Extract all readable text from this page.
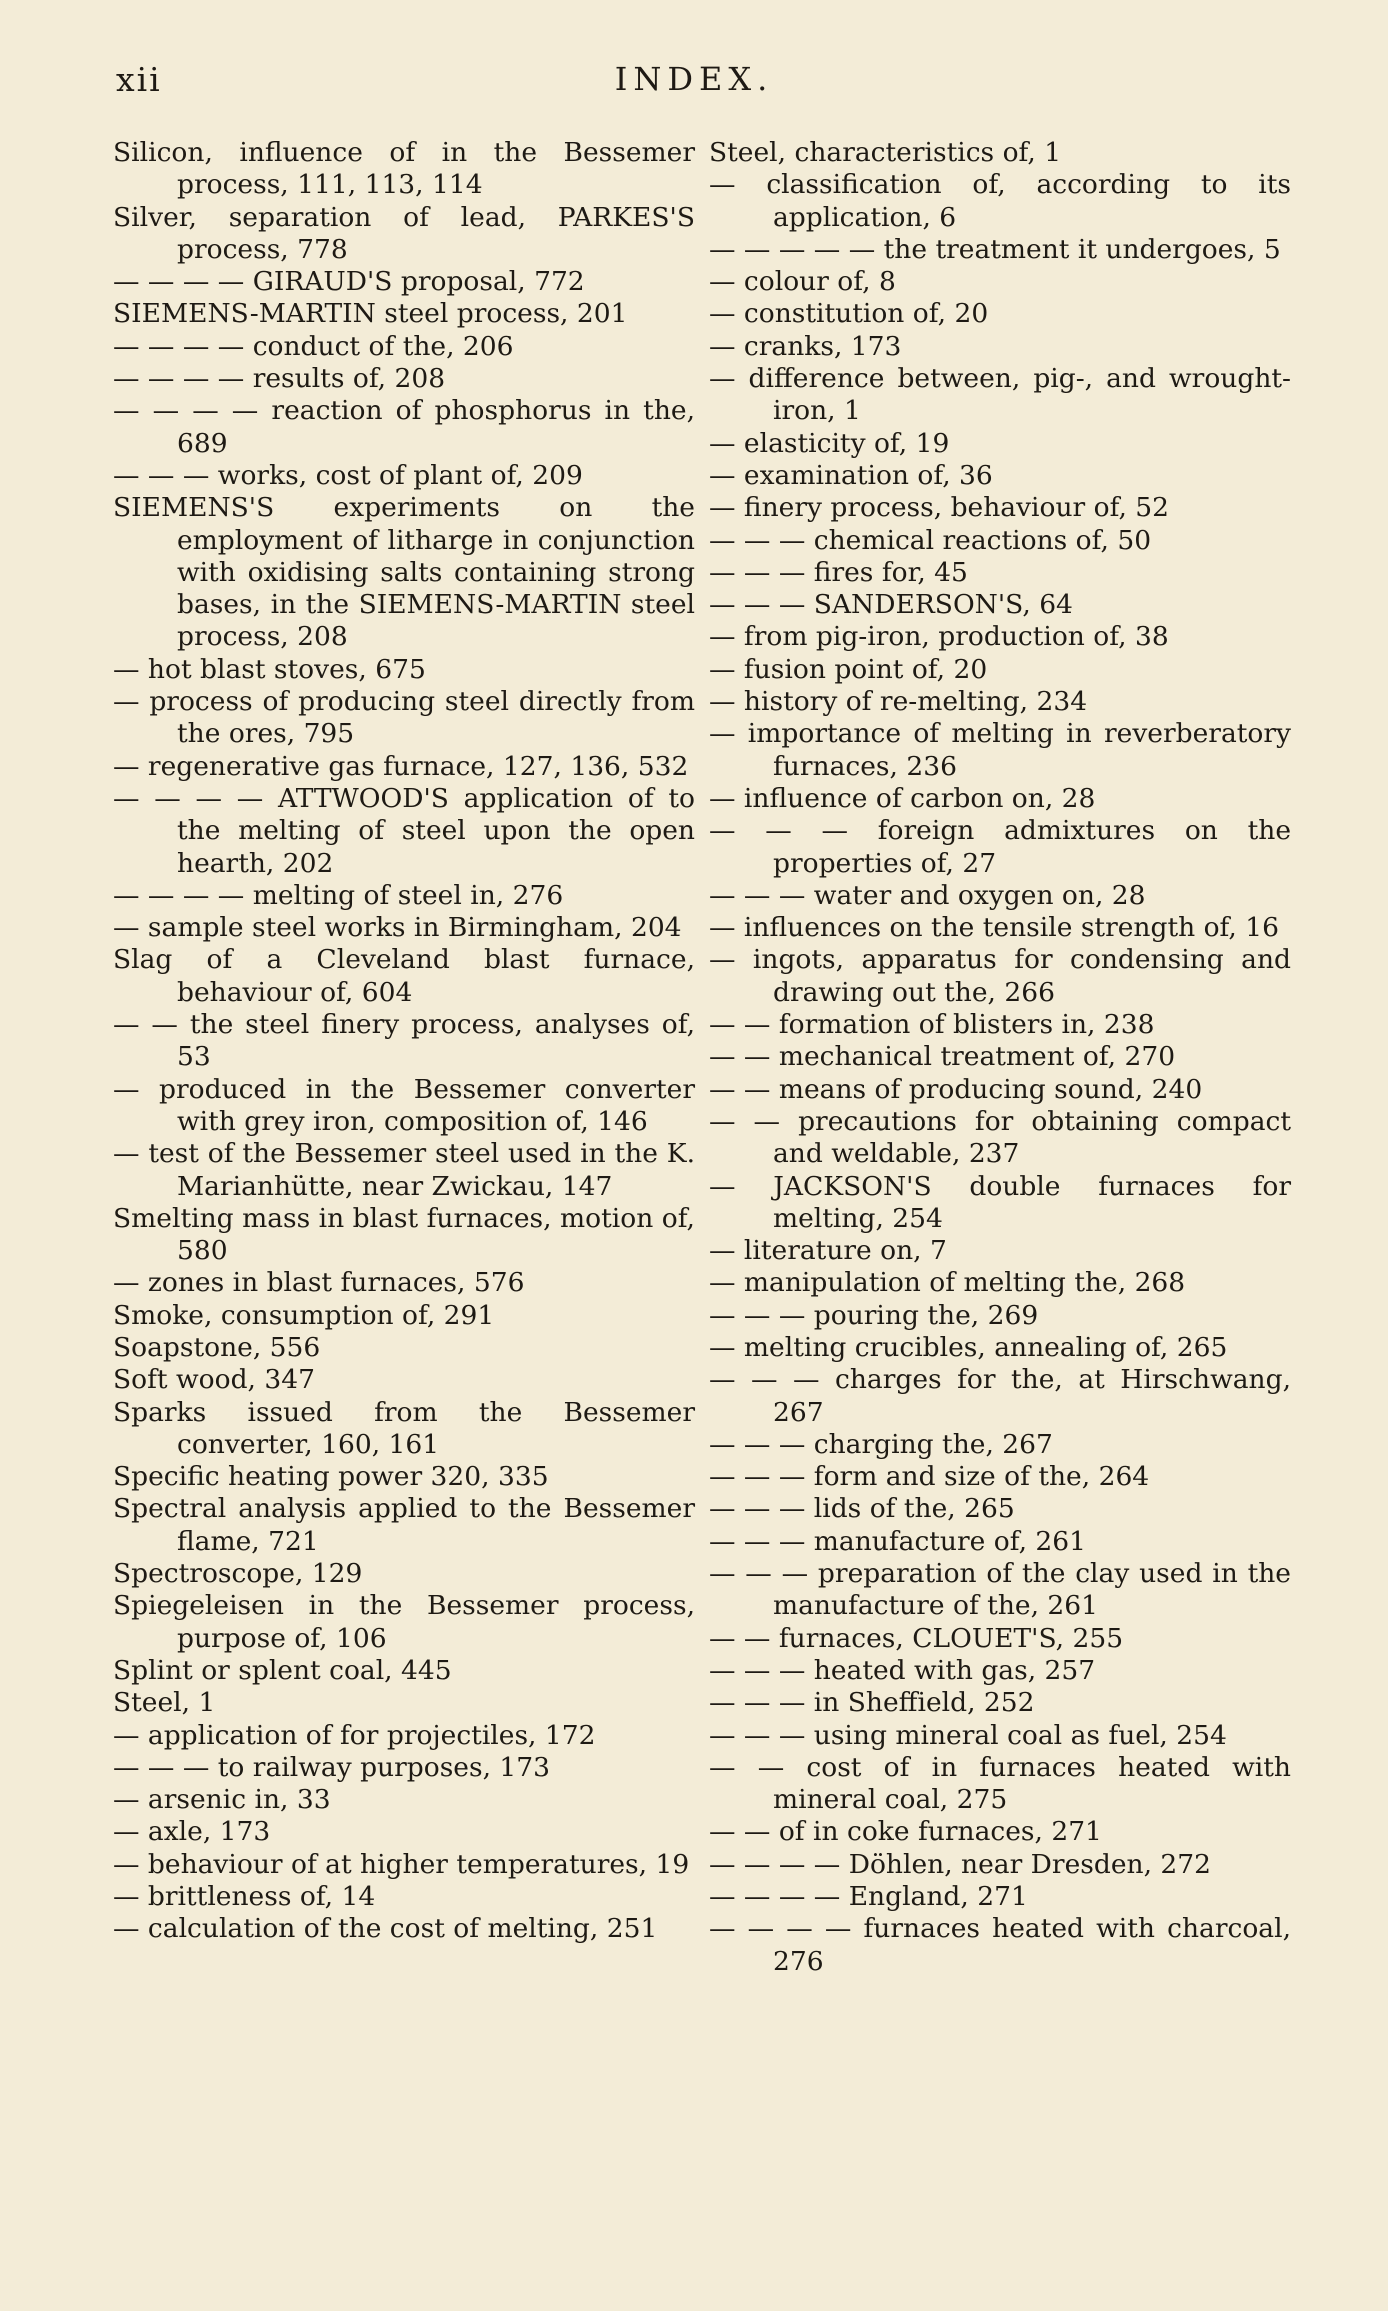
xii	INDEX.
Silicon, influence of in the Bessemer process, 111, 113, 114
Silver, separation of lead, PARKES'S process, 778
— — — — GIRAUD'S proposal, 772
SIEMENS-MARTIN steel process, 201
— — — — conduct of the, 206
— — — — results of, 208
— — — — reaction of phosphorus in the, 689
— — — works, cost of plant of, 209
SIEMENS'S experiments on the employment of litharge in conjunction with oxidising salts containing strong bases, in the SIEMENS-MARTIN steel process, 208
— hot blast stoves, 675
— process of producing steel directly from the ores, 795
— regenerative gas furnace, 127, 136, 532
— — — — ATTWOOD'S application of to the melting of steel upon the open hearth, 202
— — — — melting of steel in, 276
— sample steel works in Birmingham, 204
Slag of a Cleveland blast furnace, behaviour of, 604
— — the steel finery process, analyses of, 53
— produced in the Bessemer converter with grey iron, composition of, 146
— test of the Bessemer steel used in the K. Marianhütte, near Zwickau, 147
Smelting mass in blast furnaces, motion of, 580
— zones in blast furnaces, 576
Smoke, consumption of, 291
Soapstone, 556
Soft wood, 347
Sparks issued from the Bessemer converter, 160, 161
Specific heating power 320, 335
Spectral analysis applied to the Bessemer flame, 721
Spectroscope, 129
Spiegeleisen in the Bessemer process, purpose of, 106
Splint or splent coal, 445
Steel, 1
— application of for projectiles, 172
— — — to railway purposes, 173
— arsenic in, 33
— axle, 173
— behaviour of at higher temperatures, 19
— brittleness of, 14
— calculation of the cost of melting, 251
Steel, characteristics of, 1
— classification of, according to its application, 6
— — — — — the treatment it undergoes, 5
— colour of, 8
— constitution of, 20
— cranks, 173
— difference between, pig-, and wrought-iron, 1
— elasticity of, 19
— examination of, 36
— finery process, behaviour of, 52
— — — chemical reactions of, 50
— — — fires for, 45
— — — SANDERSON'S, 64
— from pig-iron, production of, 38
— fusion point of, 20
— history of re-melting, 234
— importance of melting in reverberatory furnaces, 236
— influence of carbon on, 28
— — — foreign admixtures on the properties of, 27
— — — water and oxygen on, 28
— influences on the tensile strength of, 16
— ingots, apparatus for condensing and drawing out the, 266
— — formation of blisters in, 238
— — mechanical treatment of, 270
— — means of producing sound, 240
— — precautions for obtaining compact and weldable, 237
— JACKSON'S double furnaces for melting, 254
— literature on, 7
— manipulation of melting the, 268
— — — pouring the, 269
— melting crucibles, annealing of, 265
— — — charges for the, at Hirschwang, 267
— — — charging the, 267
— — — form and size of the, 264
— — — lids of the, 265
— — — manufacture of, 261
— — — preparation of the clay used in the manufacture of the, 261
— — furnaces, CLOUET'S, 255
— — — heated with gas, 257
— — — in Sheffield, 252
— — — using mineral coal as fuel, 254
— — cost of in furnaces heated with mineral coal, 275
— — of in coke furnaces, 271
— — — — Döhlen, near Dresden, 272
— — — — England, 271
— — — — furnaces heated with charcoal, 276
